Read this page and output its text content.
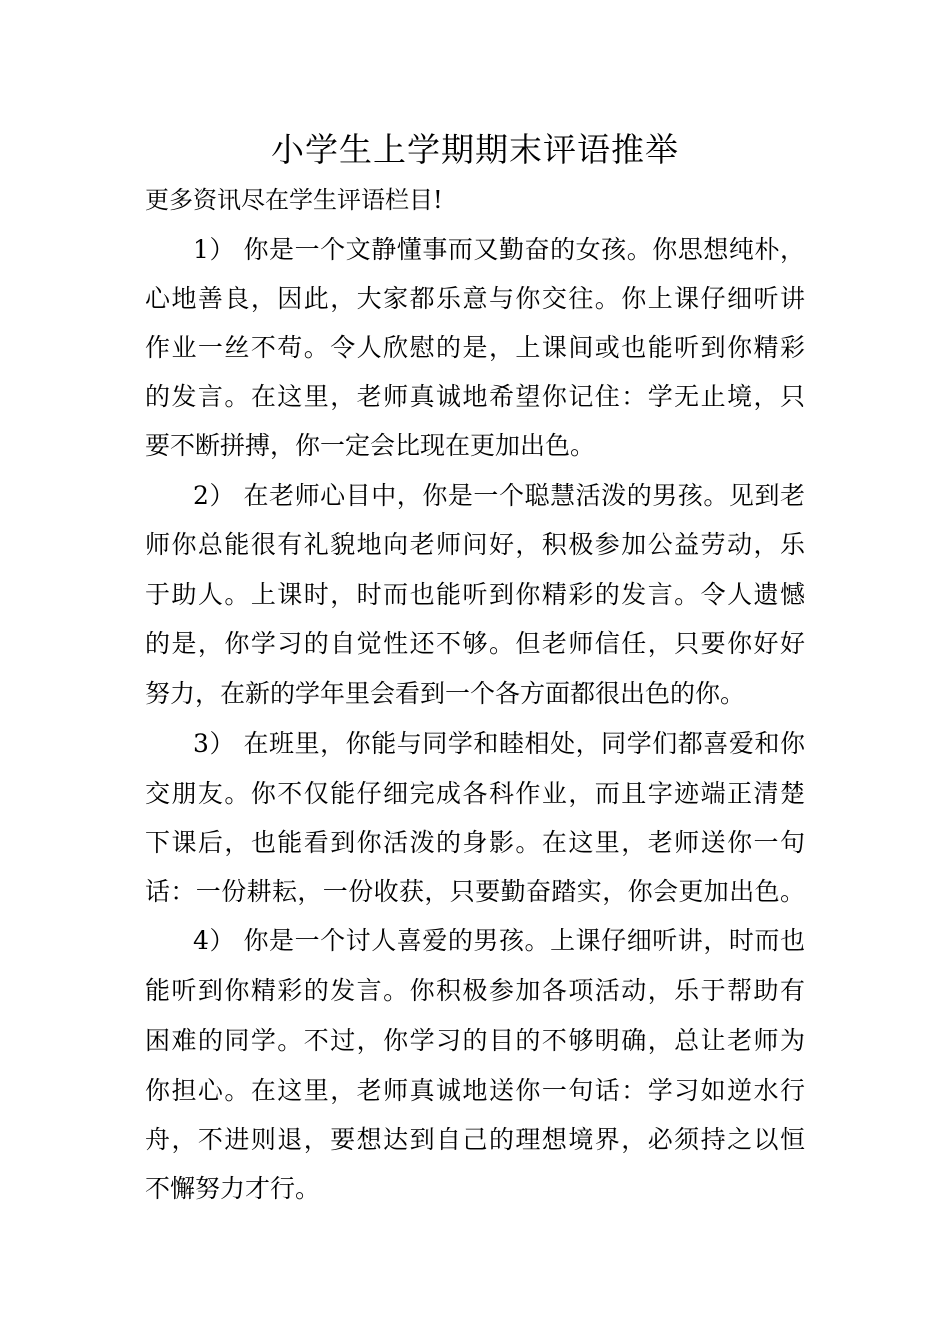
小学生上学期期末评语推举

更多资讯尽在学生评语栏目!

1） 你是一个文静懂事而又勤奋的女孩。你思想纯朴，

心地善良，因此，大家都乐意与你交往。你上课仔细听讲

作业一丝不苟。令人欣慰的是，上课间或也能听到你精彩

的发言。在这里，老师真诚地希望你记住：学无止境，只

要不断拼搏，你一定会比现在更加出色。

2） 在老师心目中，你是一个聪慧活泼的男孩。见到老

师你总能很有礼貌地向老师问好，积极参加公益劳动，乐

于助人。上课时，时而也能听到你精彩的发言。令人遗憾

的是，你学习的自觉性还不够。但老师信任，只要你好好

努力，在新的学年里会看到一个各方面都很出色的你。

3） 在班里，你能与同学和睦相处，同学们都喜爱和你

交朋友。你不仅能仔细完成各科作业，而且字迹端正清楚

下课后，也能看到你活泼的身影。在这里，老师送你一句

话：一份耕耘，一份收获，只要勤奋踏实，你会更加出色。

4） 你是一个讨人喜爱的男孩。上课仔细听讲，时而也

能听到你精彩的发言。你积极参加各项活动，乐于帮助有

困难的同学。不过，你学习的目的不够明确，总让老师为

你担心。在这里，老师真诚地送你一句话：学习如逆水行

舟，不进则退，要想达到自己的理想境界，必须持之以恒

不懈努力才行。
